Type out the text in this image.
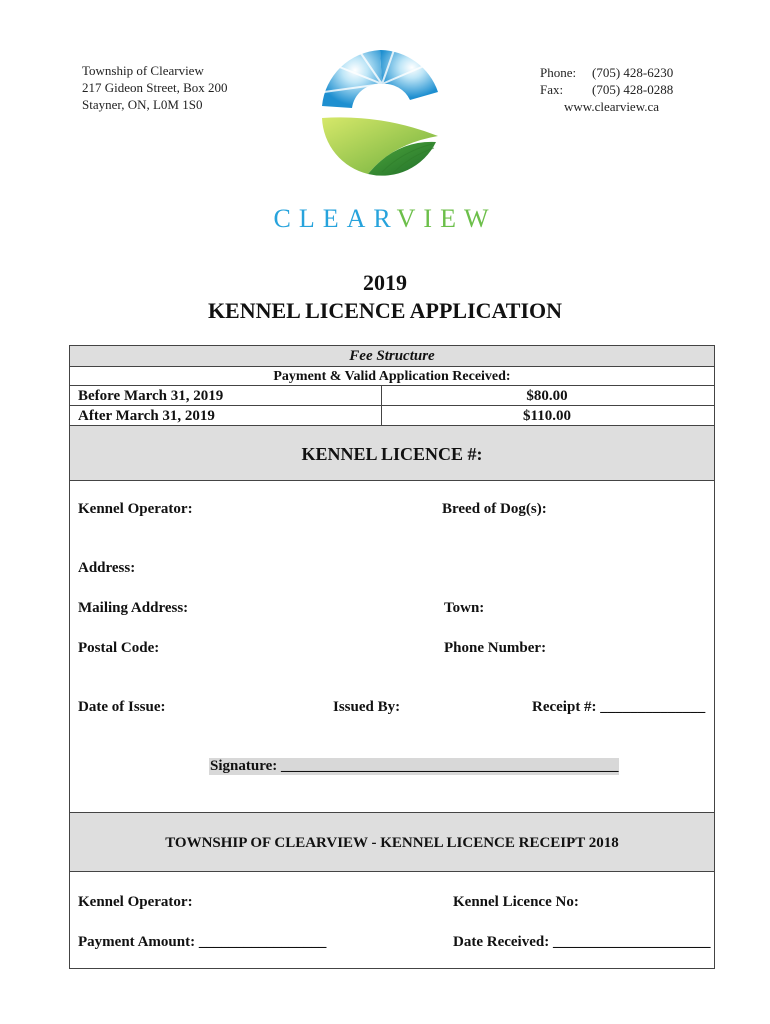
Township of Clearview
217 Gideon Street, Box 200
Stayner, ON, L0M 1S0
Phone:	(705) 428-6230
Fax:	(705) 428-0288
www.clearview.ca
CLEARVIEW
2019
KENNEL LICENCE APPLICATION
Fee Structure
Payment & Valid Application Received:
Before March 31, 2019	$80.00
After March 31, 2019	$110.00
KENNEL LICENCE #:
Kennel Operator:	Breed of Dog(s):
Address:
Mailing Address:	Town:
Postal Code:	Phone Number:
Date of Issue:	Issued By:	Receipt #: ______________
Signature: _____________________________________________
TOWNSHIP OF CLEARVIEW - KENNEL LICENCE RECEIPT 2018
Kennel Operator:	Kennel Licence No:
Payment Amount: _________________	Date Received: _____________________
